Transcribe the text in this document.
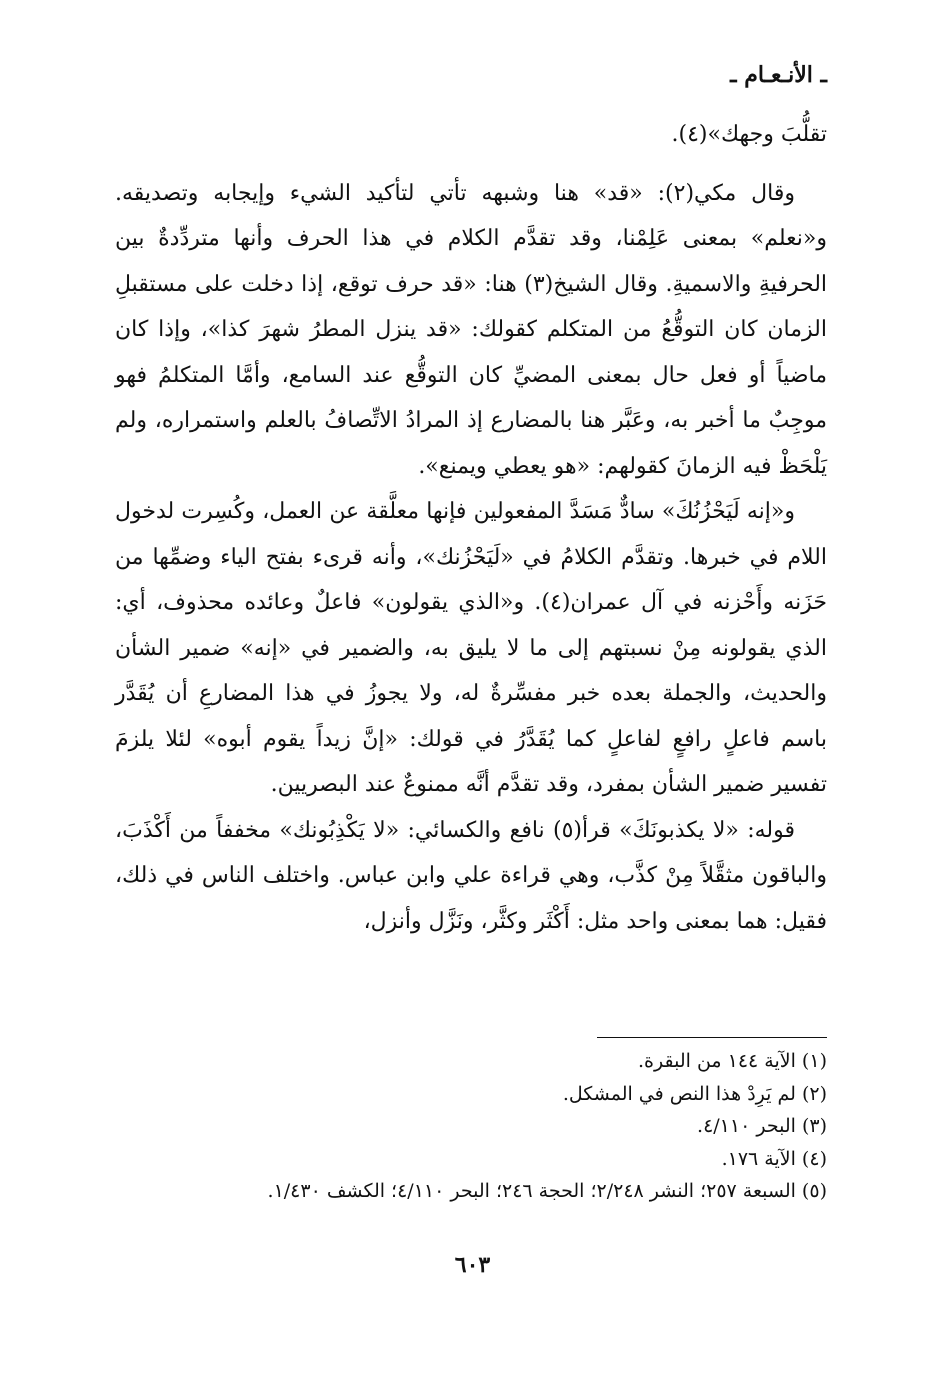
ـ الأنـعـام ـ

تقلُّبَ وجهك»(٤).

وقال مكي(٢): «قد» هنا وشبهه تأتي لتأكيد الشيء وإيجابه وتصديقه. و«نعلم» بمعنى عَلِمْنا، وقد تقدَّم الكلام في هذا الحرف وأنها متردِّدةٌ بين الحرفيةِ والاسميةِ. وقال الشيخ(٣) هنا: «قد حرف توقع، إذا دخلت على مستقبلِ الزمان كان التوقُّعُ من المتكلم كقولك: «قد ينزل المطرُ شهرَ كذا»، وإذا كان ماضياً أو فعل حال بمعنى المضيِّ كان التوقُّع عند السامع، وأمَّا المتكلمُ فهو موجِبٌ ما أخبر به، وعَبَّر هنا بالمضارع إذ المرادُ الاتِّصافُ بالعلم واستمراره، ولم يَلْحَظْ فيه الزمانَ كقولهم: «هو يعطي ويمنع».

و«إنه لَيَحْزُنُكَ» سادٌّ مَسَدَّ المفعولين فإنها معلَّقة عن العمل، وكُسِرت لدخول اللام في خبرها. وتقدَّم الكلامُ في «لَيَحْزُنك»، وأنه قرىء بفتح الياء وضمِّها من حَزَنه وأَحْزنه في آل عمران(٤). و«الذي يقولون» فاعلٌ وعائده محذوف، أي: الذي يقولونه مِنْ نسبتهم إلى ما لا يليق به، والضمير في «إنه» ضمير الشأن والحديث، والجملة بعده خبر مفسِّرةٌ له، ولا يجوزُ في هذا المضارعِ أن يُقَدَّر باسم فاعلٍ رافعٍ لفاعلٍ كما يُقَدَّرُ في قولك: «إنَّ زيداً يقوم أبوه» لئلا يلزمَ تفسير ضمير الشأن بمفرد، وقد تقدَّم أنَّه ممنوعٌ عند البصريين.

قوله: «لا يكذبونَكَ» قرأ(٥) نافع والكسائي: «لا يَكْذِبُونك» مخففاً من أَكْذَبَ، والباقون مثقَّلاً مِنْ كذَّب، وهي قراءة علي وابن عباس. واختلف الناس في ذلك، فقيل: هما بمعنى واحد مثل: أَكْثَر وكثَّر، ونَزَّل وأنزل،

(١) الآية ١٤٤ من البقرة.
(٢) لم يَرِدْ هذا النص في المشكل.
(٣) البحر ٤/١١٠.
(٤) الآية ١٧٦.
(٥) السبعة ٢٥٧؛ النشر ٢/٢٤٨؛ الحجة ٢٤٦؛ البحر ٤/١١٠؛ الكشف ١/٤٣٠.
٦٠٣
